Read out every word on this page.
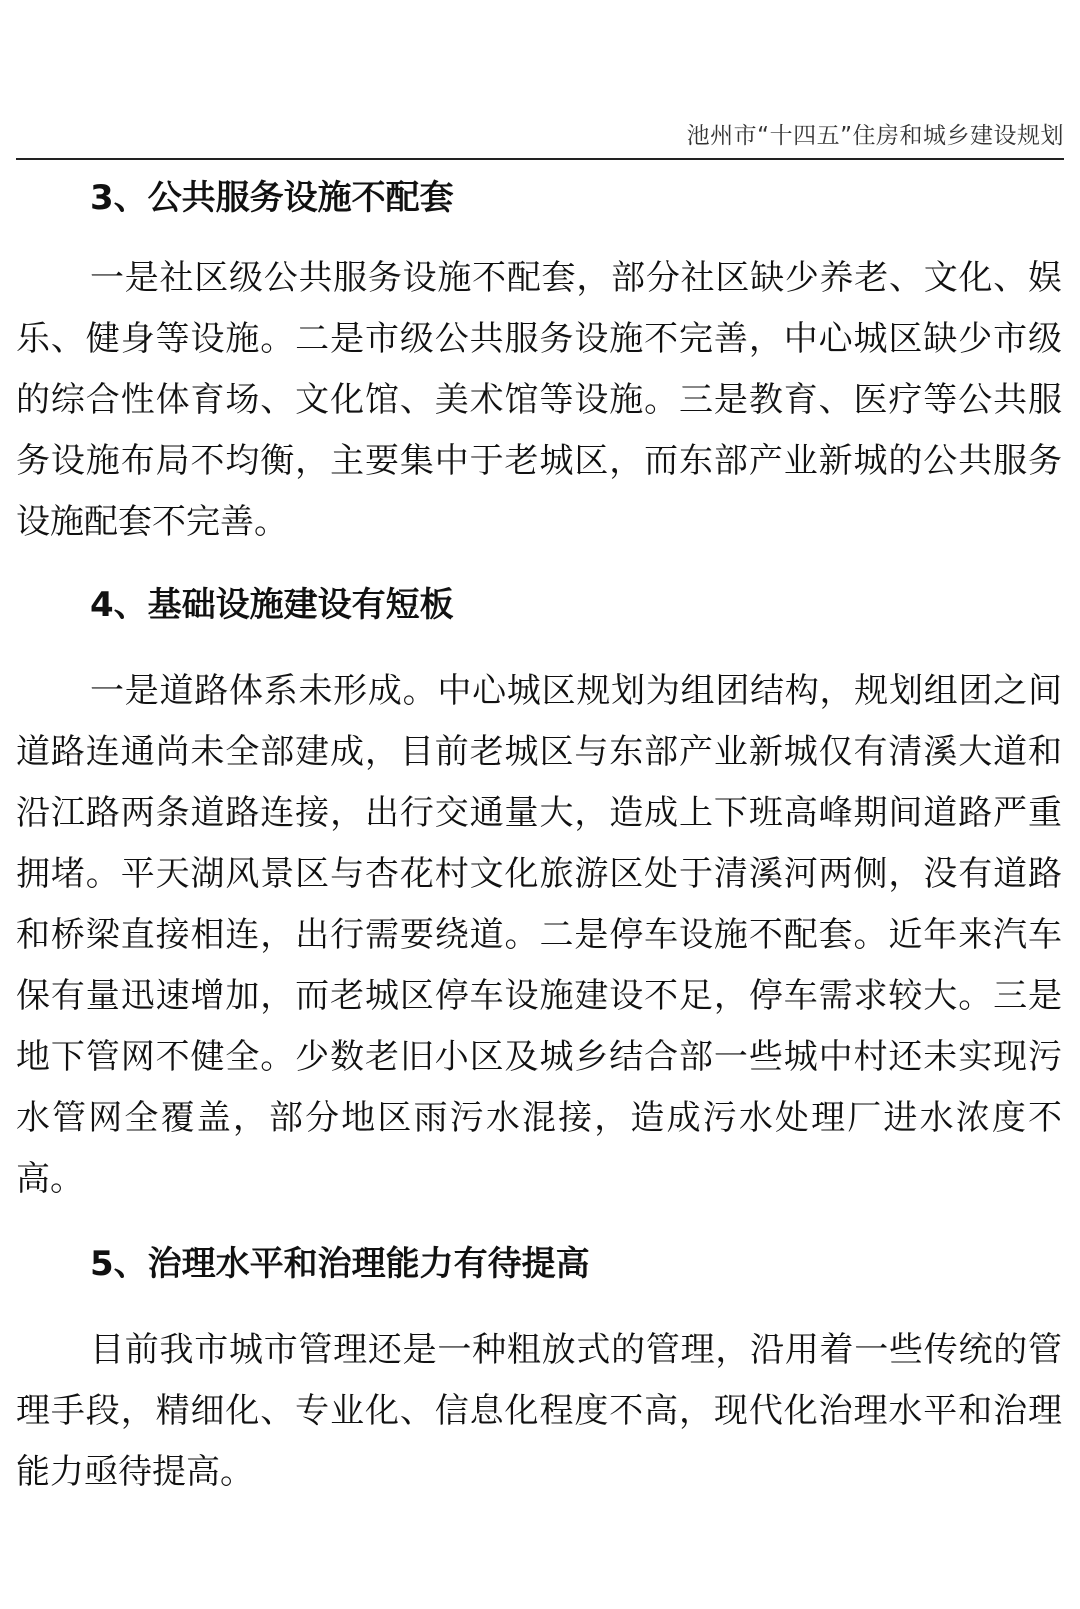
池州市“十四五”住房和城乡建设规划
3、公共服务设施不配套

一是社区级公共服务设施不配套，部分社区缺少养老、文化、娱乐、健身等设施。二是市级公共服务设施不完善，中心城区缺少市级的综合性体育场、文化馆、美术馆等设施。三是教育、医疗等公共服务设施布局不均衡，主要集中于老城区，而东部产业新城的公共服务设施配套不完善。

4、基础设施建设有短板

一是道路体系未形成。中心城区规划为组团结构，规划组团之间道路连通尚未全部建成，目前老城区与东部产业新城仅有清溪大道和沿江路两条道路连接，出行交通量大，造成上下班高峰期间道路严重拥堵。平天湖风景区与杏花村文化旅游区处于清溪河两侧，没有道路和桥梁直接相连，出行需要绕道。二是停车设施不配套。近年来汽车保有量迅速增加，而老城区停车设施建设不足，停车需求较大。三是地下管网不健全。少数老旧小区及城乡结合部一些城中村还未实现污水管网全覆盖，部分地区雨污水混接，造成污水处理厂进水浓度不高。

5、治理水平和治理能力有待提高

目前我市城市管理还是一种粗放式的管理，沿用着一些传统的管理手段，精细化、专业化、信息化程度不高，现代化治理水平和治理能力亟待提高。
